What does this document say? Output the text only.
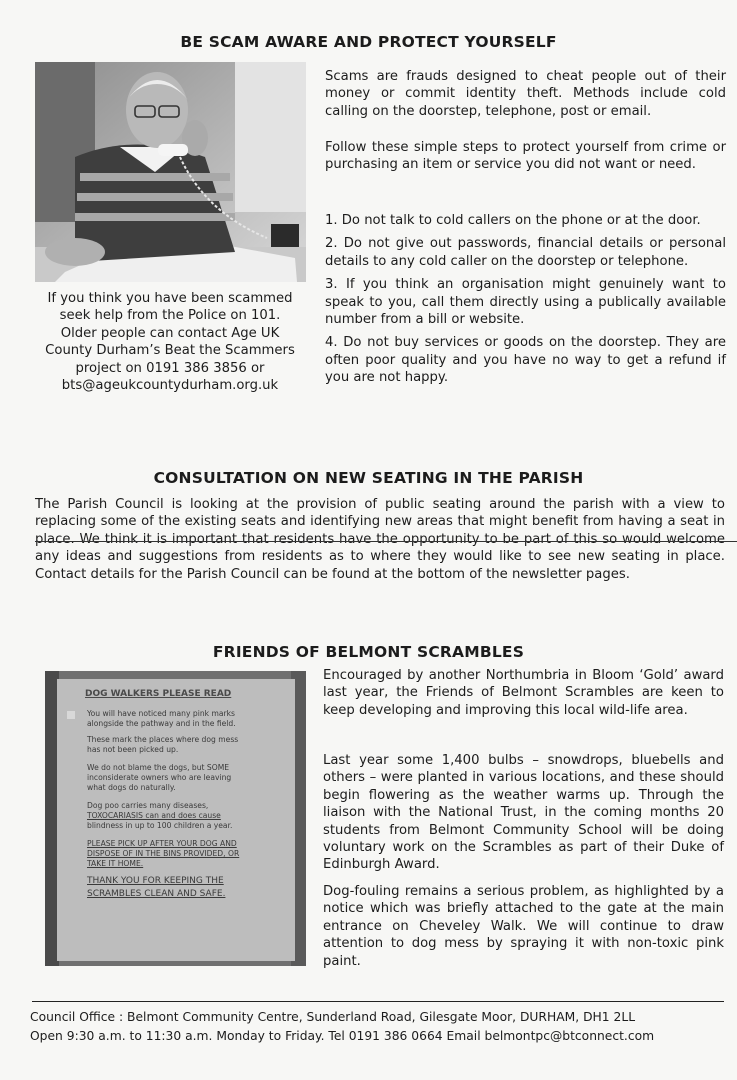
BE SCAM AWARE AND PROTECT YOURSELF
If you think you have been scammed
seek help from the Police on 101.
Older people can contact Age UK
County Durham’s Beat the Scammers
project on 0191 386 3856 or
bts@ageukcountydurham.org.uk

Scams are frauds designed to cheat people out of their money or commit identity theft. Methods include cold calling on the doorstep, telephone, post or email.

Follow these simple steps to protect yourself from crime or purchasing an item or service you did not want or need.

1. Do not talk to cold callers on the phone or at the door.
2. Do not give out passwords, financial details or personal details to any cold caller on the doorstep or telephone.
3. If you think an organisation might genuinely want to speak to you, call them directly using a publically available number from a bill or website.
4. Do not buy services or goods on the doorstep. They are often poor quality and you have no way to get a refund if you are not happy.
CONSULTATION ON NEW SEATING IN THE PARISH

The Parish Council is looking at the provision of public seating around the parish with a view to replacing some of the existing seats and identifying new areas that might benefit from having a seat in place. We think it is important that residents have the opportunity to be part of this so would welcome any ideas and suggestions from residents as to where they would like to see new seating in place. Contact details for the Parish Council can be found at the bottom of the newsletter pages.

FRIENDS OF BELMONT SCRAMBLES
DOG WALKERS PLEASE READ
You will have noticed many pink marks
alongside the pathway and in the field.
These mark the places where dog mess
has not been picked up.
We do not blame the dogs, but SOME
inconsiderate owners who are leaving
what dogs do naturally.
Dog poo carries many diseases,
TOXOCARIASIS can and does cause
blindness in up to 100 children a year.
PLEASE PICK UP AFTER YOUR DOG AND
DISPOSE OF IN THE BINS PROVIDED, OR
TAKE IT HOME.
THANK YOU FOR KEEPING THE
SCRAMBLES CLEAN AND SAFE.

Encouraged by another Northumbria in Bloom ‘Gold’ award last year, the Friends of Belmont Scrambles are keen to keep developing and improving this local wild-life area.

Last year some 1,400 bulbs – snowdrops, bluebells and others – were planted in various locations, and these should begin flowering as the weather warms up. Through the liaison with the National Trust, in the coming months 20 students from Belmont Community School will be doing voluntary work on the Scrambles as part of their Duke of Edinburgh Award.

Dog-fouling remains a serious problem, as highlighted by a notice which was briefly attached to the gate at the main entrance on Cheveley Walk. We will continue to draw attention to dog mess by spraying it with non-toxic pink paint.

Council Office : Belmont Community Centre, Sunderland Road, Gilesgate Moor, DURHAM, DH1 2LL
Open 9:30 a.m. to 11:30 a.m. Monday to Friday. Tel 0191 386 0664 Email belmontpc@btconnect.com
